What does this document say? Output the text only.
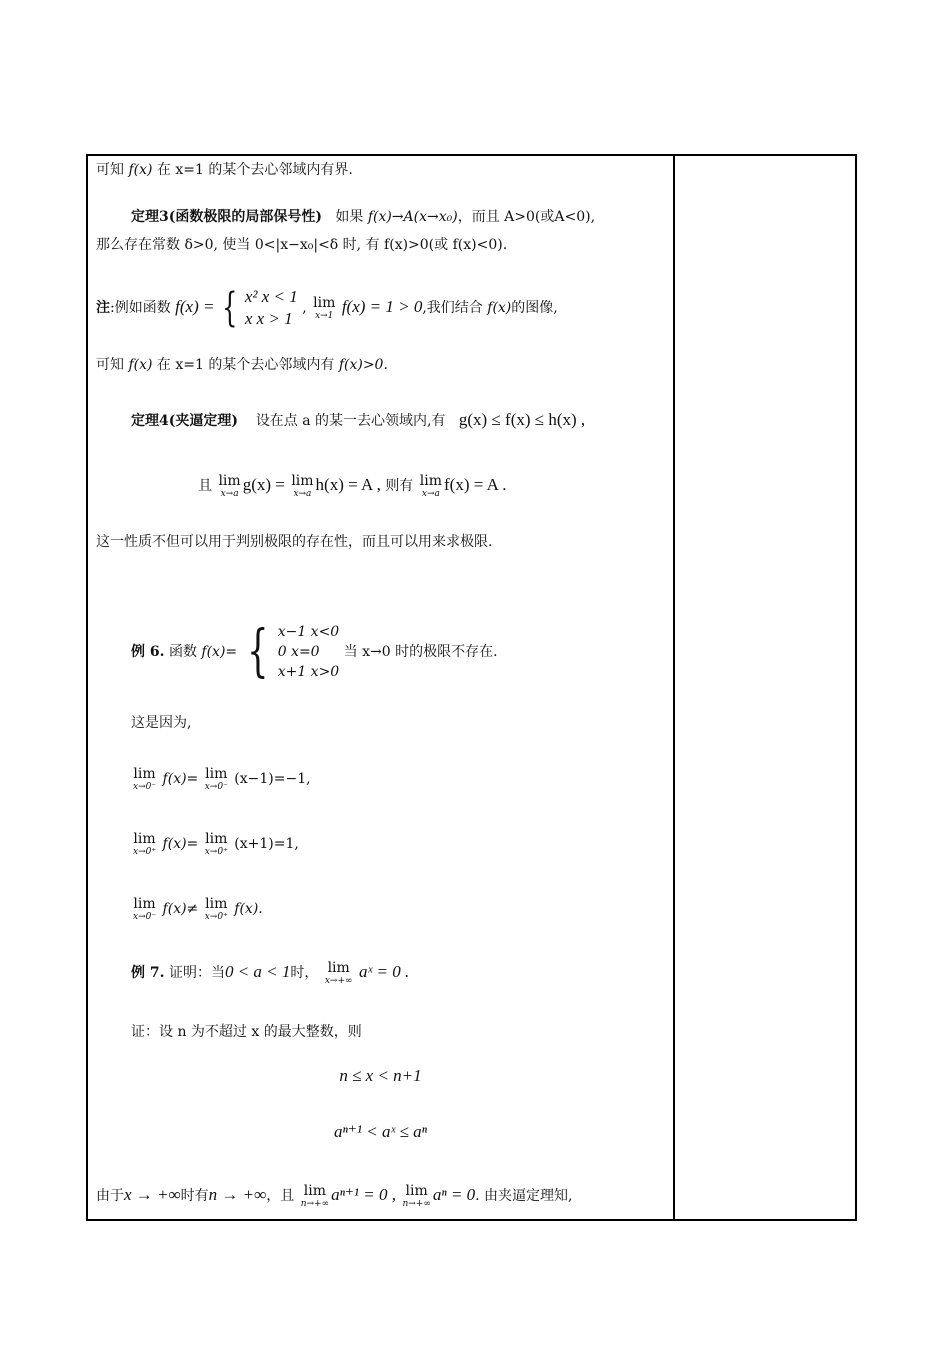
可知 f(x) 在 x=1 的某个去心邻域内有界.
定理3(函数极限的局部保号性) 如果 f(x)→A(x→x₀)，而且 A>0(或A<0),
那么存在常数 δ>0, 使当 0<|x−x₀|<δ 时, 有 f(x)>0(或 f(x)<0).
注:例如函数 f(x) = { x² x < 1
x x > 1 , lim
x→1 f(x) = 1 > 0,我们结合 f(x)的图像,
可知 f(x) 在 x=1 的某个去心邻域内有 f(x)>0.
定理4(夹逼定理) 设在点 a 的某一去心领域内,有 g(x) ≤ f(x) ≤ h(x) ,
且 lim
x→a g(x) = lim
x→a h(x) = A , 则有 lim
x→a f(x) = A .
这一性质不但可以用于判别极限的存在性，而且可以用来求极限.
例 6. 函数 f(x)= { x−1 x<0
0 x=0
x+1 x>0 当 x→0 时的极限不存在.
这是因为,
lim
x→0⁻ f(x)= lim
x→0⁻ (x−1)=−1,
lim
x→0⁺ f(x)= lim
x→0⁺ (x+1)=1,
lim
x→0⁻ f(x)≠ lim
x→0⁺ f(x).
例 7. 证明：当0 < a < 1时， lim
x→+∞ aˣ = 0 .
证：设 n 为不超过 x 的最大整数，则
n ≤ x < n+1
aⁿ⁺¹ < aˣ ≤ aⁿ
由于x → +∞时有n → +∞，且 lim
n→+∞ aⁿ⁺¹ = 0 , lim
n→+∞ aⁿ = 0. 由夹逼定理知,
